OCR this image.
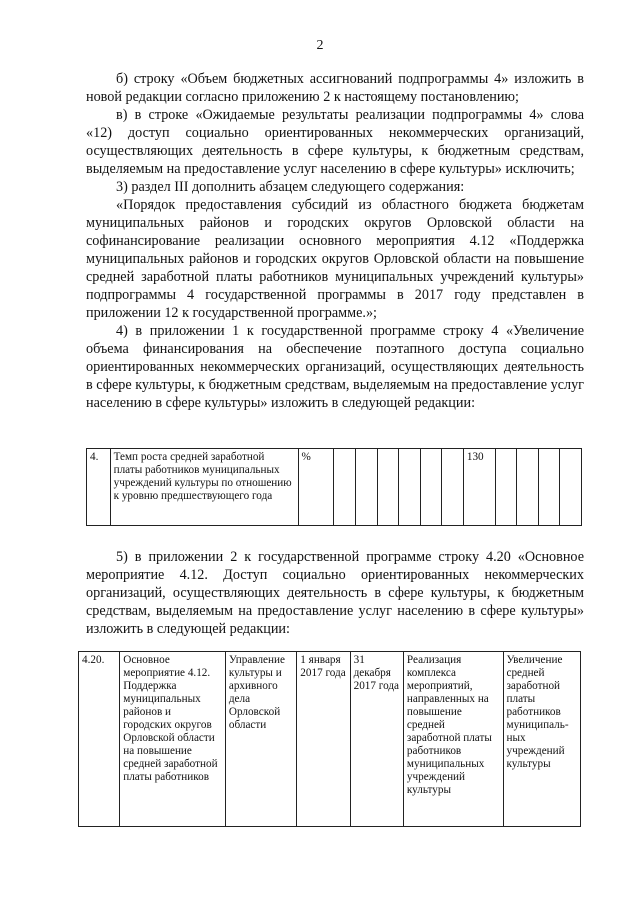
2

б) строку «Объем бюджетных ассигнований подпрограммы 4» изложить в новой редакции согласно приложению 2 к настоящему постановлению;

в) в строке «Ожидаемые результаты реализации подпрограммы 4» слова «12) доступ социально ориентированных некоммерческих организаций, осуществляющих деятельность в сфере культуры, к бюджетным средствам, выделяемым на предоставление услуг населению в сфере культуры» исключить;

3) раздел III дополнить абзацем следующего содержания:

«Порядок предоставления субсидий из областного бюджета бюджетам муниципальных районов и городских округов Орловской области на софинансирование реализации основного мероприятия 4.12 «Поддержка муниципальных районов и городских округов Орловской области на повышение средней заработной платы работников муниципальных учреждений культуры» подпрограммы 4 государственной программы в 2017 году представлен в приложении 12 к государственной программе.»;

4) в приложении 1 к государственной программе строку 4 «Увеличение объема финансирования на обеспечение поэтапного доступа социально ориентированных некоммерческих организаций, осуществляющих деятельность в сфере культуры, к бюджетным средствам, выделяемым на предоставление услуг населению в сфере культуры» изложить в следующей редакции:

4.	Темп роста средней заработной платы работников муниципальных учреждений культуры по отношению к уровню предшествующего года	%							130				

5) в приложении 2 к государственной программе строку 4.20 «Основное мероприятие 4.12. Доступ социально ориентированных некоммерческих организаций, осуществляющих деятельность в сфере культуры, к бюджетным средствам, выделяемым на предоставление услуг населению в сфере культуры» изложить в следующей редакции:

4.20.	Основное мероприятие 4.12. Поддержка муниципальных районов и городских округов Орловской области на повышение средней заработной платы работников	Управление культуры и архивного дела Орловской области	1 января 2017 года	31 декабря 2017 года	Реализация комплекса мероприятий, направленных на повышение средней заработной платы работников муниципальных учреждений культуры	Увеличение средней заработной платы работников муниципаль-ных учреждений культуры
